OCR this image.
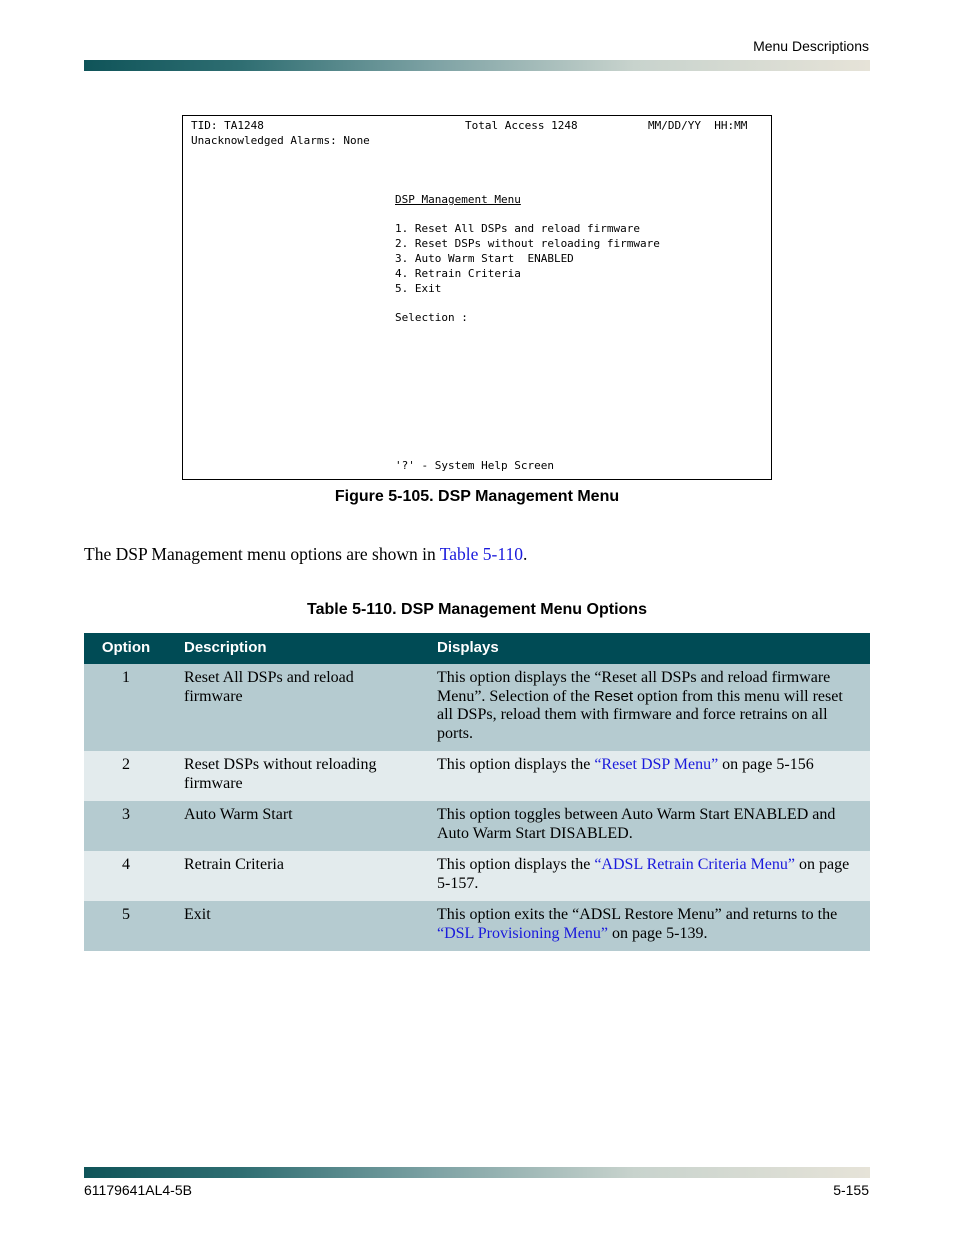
Menu Descriptions
TID: TA1248	Total Access 1248	MM/DD/YY  HH:MM
Unacknowledged Alarms: None
DSP Management Menu
1. Reset All DSPs and reload firmware
2. Reset DSPs without reloading firmware
3. Auto Warm Start  ENABLED
4. Retrain Criteria
5. Exit
Selection :
'?' - System Help Screen
Figure 5-105. DSP Management Menu
The DSP Management menu options are shown in Table 5-110.
Table 5-110. DSP Management Menu Options
Option	Description	Displays
1	Reset All DSPs and reload firmware	This option displays the “Reset all DSPs and reload firmware Menu”. Selection of the Reset option from this menu will reset all DSPs, reload them with firmware and force retrains on all ports.
2	Reset DSPs without reloading firmware	This option displays the “Reset DSP Menu” on page 5-156
3	Auto Warm Start	This option toggles between Auto Warm Start ENABLED and Auto Warm Start DISABLED.
4	Retrain Criteria	This option displays the “ADSL Retrain Criteria Menu” on page 5-157.
5	Exit	This option exits the “ADSL Restore Menu” and returns to the “DSL Provisioning Menu” on page 5-139.
61179641AL4-5B	5-155
